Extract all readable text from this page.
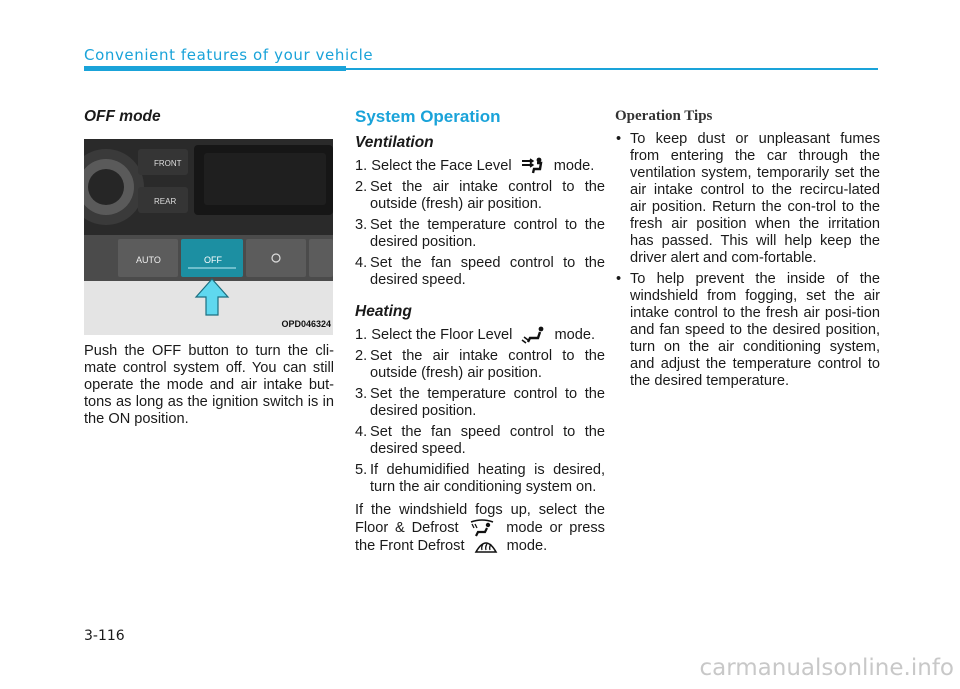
Convenient features of your vehicle
OFF mode
FRONT
REAR
AUTO	OFF
OPD046324

Push the OFF button to turn the cli-mate control system off. You can still operate the mode and air intake but-tons as long as the ignition switch is in the ON position.

System Operation
Ventilation
1. Select the Face Level	mode.
2. Set the air intake control to the outside (fresh) air position.
3. Set the temperature control to the desired position.
4. Set the fan speed control to the desired speed.
Heating
1. Select the Floor Level	mode.
2. Set the air intake control to the outside (fresh) air position.
3. Set the temperature control to the desired position.
4. Set the fan speed control to the desired speed.
5. If dehumidified heating is desired, turn the air conditioning system on.

If the windshield fogs up, select the Floor & Defrost	mode or press the Front Defrost	mode.

Operation Tips
• To keep dust or unpleasant fumes from entering the car through the ventilation system, temporarily set the air intake control to the recircu-lated air position. Return the con-trol to the fresh air position when the irritation has passed. This will help keep the driver alert and com-fortable.
• To help prevent the inside of the windshield from fogging, set the air intake control to the fresh air posi-tion and fan speed to the desired position, turn on the air conditioning system, and adjust the temperature control to the desired temperature.
3-116
carmanualsonline.info
